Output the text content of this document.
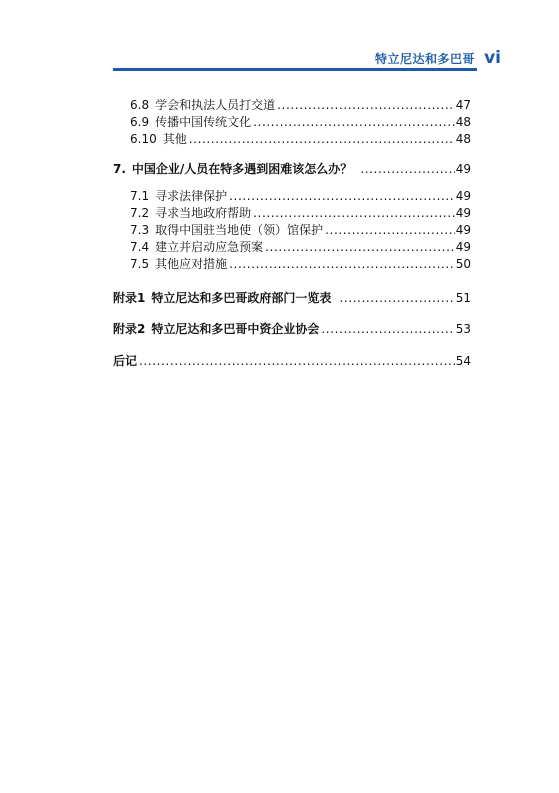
特立尼达和多巴哥 vi
6.8 学会和执法人员打交道 .....	47
6.9 传播中国传统文化 .....	48
6.10 其他 .....	48
7. 中国企业/人员在特多遇到困难该怎么办？ .....	49
7.1 寻求法律保护 .....	49
7.2 寻求当地政府帮助 .....	49
7.3 取得中国驻当地使（领）馆保护 .....	49
7.4 建立并启动应急预案 .....	49
7.5 其他应对措施 .....	50
附录1 特立尼达和多巴哥政府部门一览表 .....	51
附录2 特立尼达和多巴哥中资企业协会 .....	53
后记 .....	54
